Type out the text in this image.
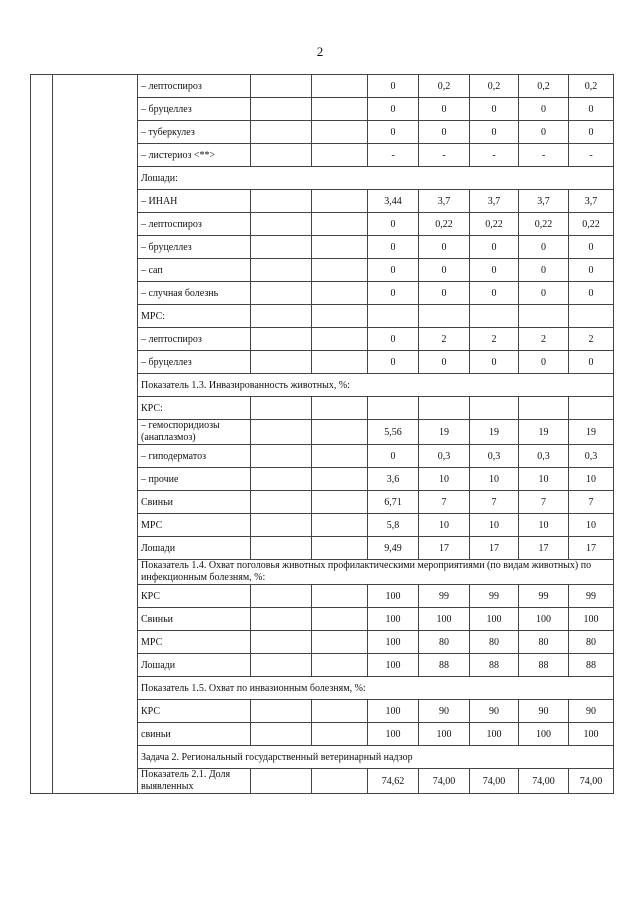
2
		– лептоспироз			0	0,2	0,2	0,2	0,2
		– бруцеллез			0	0	0	0	0
		– туберкулез			0	0	0	0	0
		– листериоз <**>			-	-	-	-	-
		Лошади:							
		– ИНАН			3,44	3,7	3,7	3,7	3,7
		– лептоспироз			0	0,22	0,22	0,22	0,22
		– бруцеллез			0	0	0	0	0
		– сап			0	0	0	0	0
		– случная болезнь			0	0	0	0	0
		МРС:							
		– лептоспироз			0	2	2	2	2
		– бруцеллез			0	0	0	0	0
		Показатель 1.3. Инвазированность животных, %:							
		КРС:							
		– гемоспоридиозы (анаплазмоз)			5,56	19	19	19	19
		– гиподерматоз			0	0,3	0,3	0,3	0,3
		– прочие			3,6	10	10	10	10
		Свиньи			6,71	7	7	7	7
		МРС			5,8	10	10	10	10
		Лошади			9,49	17	17	17	17
		Показатель 1.4. Охват поголовья животных профилактическими мероприятиями (по видам животных) по инфекционным болезням, %:							
		КРС			100	99	99	99	99
		Свиньи			100	100	100	100	100
		МРС			100	80	80	80	80
		Лошади			100	88	88	88	88
		Показатель 1.5. Охват по инвазионным болезням, %:							
		КРС			100	90	90	90	90
		свиньи			100	100	100	100	100
		Задача 2. Региональный государственный ветеринарный надзор							
		Показатель 2.1. Доля выявленных			74,62	74,00	74,00	74,00	74,00
